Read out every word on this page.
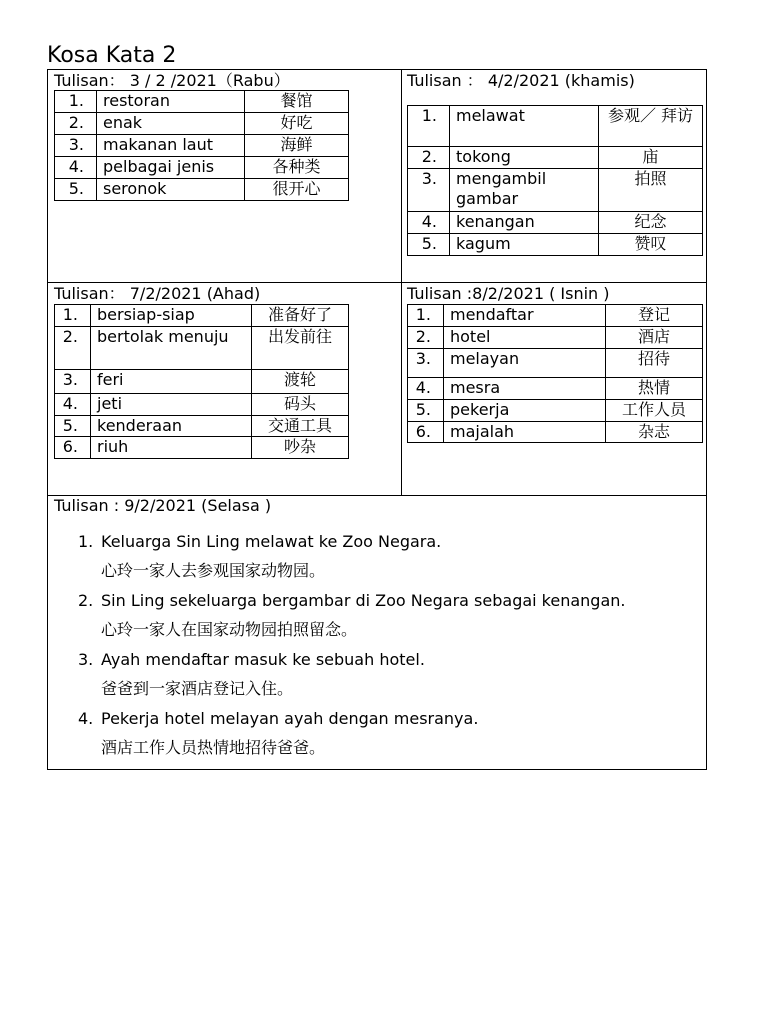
Kosa Kata 2
Tulisan： 3 / 2 /2021（Rabu）
1.	restoran	餐馆
2.	enak	好吃
3.	makanan laut	海鲜
4.	pelbagai jenis	各种类
5.	seronok	很开心
Tulisan ： 4/2/2021 (khamis)
1.	melawat	参观／ 拜访
2.	tokong	庙
3.	mengambil gambar	拍照
4.	kenangan	纪念
5.	kagum	赞叹
Tulisan： 7/2/2021 (Ahad)
1.	bersiap-siap	准备好了
2.	bertolak menuju	出发前往
3.	feri	渡轮
4.	jeti	码头
5.	kenderaan	交通工具
6.	riuh	吵杂
Tulisan :8/2/2021 ( Isnin )
1.	mendaftar	登记
2.	hotel	酒店
3.	melayan	招待
4.	mesra	热情
5.	pekerja	工作人员
6.	majalah	杂志
Tulisan : 9/2/2021 (Selasa )
1. Keluarga Sin Ling melawat ke Zoo Negara.
心玲一家人去参观国家动物园。
2. Sin Ling sekeluarga bergambar di Zoo Negara sebagai kenangan.
心玲一家人在国家动物园拍照留念。
3. Ayah mendaftar masuk ke sebuah hotel.
爸爸到一家酒店登记入住。
4. Pekerja hotel melayan ayah dengan mesranya.
酒店工作人员热情地招待爸爸。
